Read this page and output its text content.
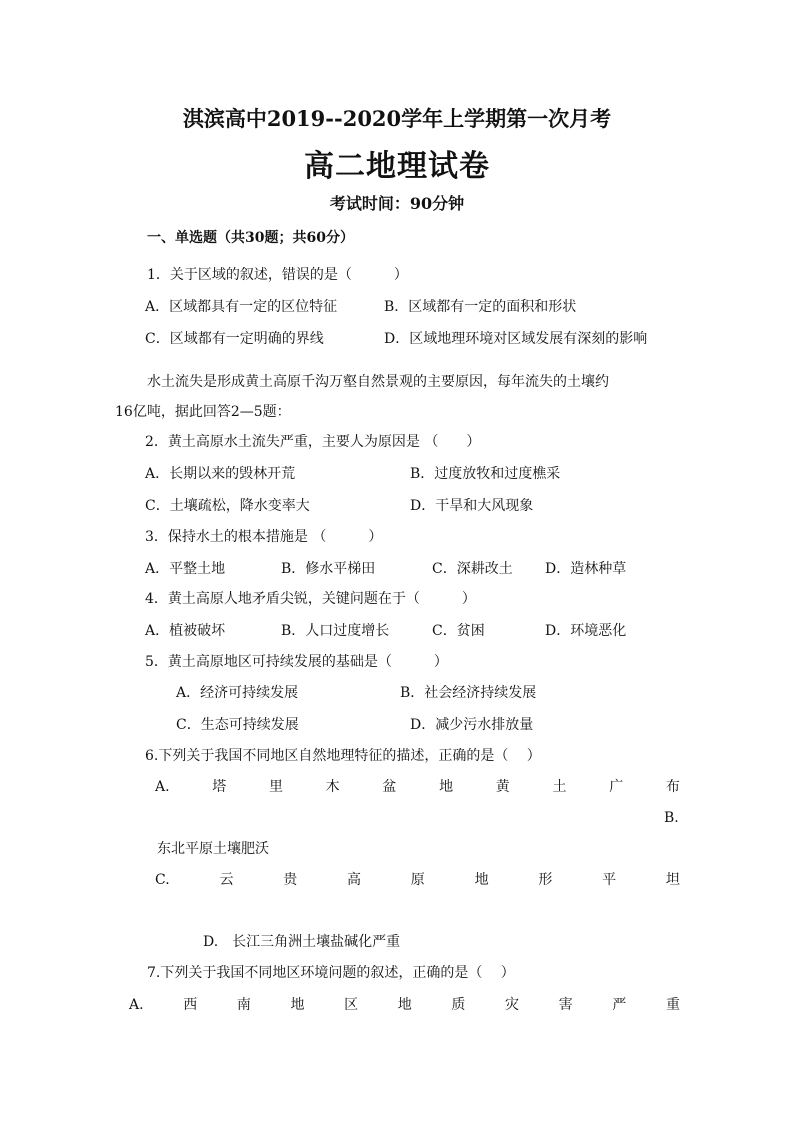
淇滨高中2019--2020学年上学期第一次月考
高二地理试卷
考试时间：90分钟
一、单选题（共30题；共60分）
1．关于区域的叙述，错误的是（　　　）
A．区域都具有一定的区位特征	B．区域都有一定的面积和形状
C．区域都有一定明确的界线	D．区域地理环境对区域发展有深刻的影响
水土流失是形成黄土高原千沟万壑自然景观的主要原因，每年流失的土壤约
16亿吨，据此回答2—5题：
2．黄土高原水土流失严重，主要人为原因是 （　　）
A．长期以来的毁林开荒	B．过度放牧和过度樵采
C．土壤疏松，降水变率大	D．干旱和大风现象
3．保持水土的根本措施是 （　　　）
A．平整土地	B．修水平梯田	C．深耕改土 D．造林种草
4．黄土高原人地矛盾尖锐，关键问题在于（　　　）
A．植被破坏	B．人口过度增长	C．贫困	D．环境恶化
5．黄土高原地区可持续发展的基础是（　　　）
A．经济可持续发展	B．社会经济持续发展
C．生态可持续发展	D．减少污水排放量
6.下列关于我国不同地区自然地理特征的描述，正确的是（　 ）
A.	塔	里	木	盆	地	黄	土	广	布
B.
东北平原土壤肥沃
C.	云	贵	高	原	地	形	平	坦
D.　长江三角洲土壤盐碱化严重
7.下列关于我国不同地区环境问题的叙述，正确的是（　 ）
A.	西	南	地	区	地	质	灾	害	严	重
